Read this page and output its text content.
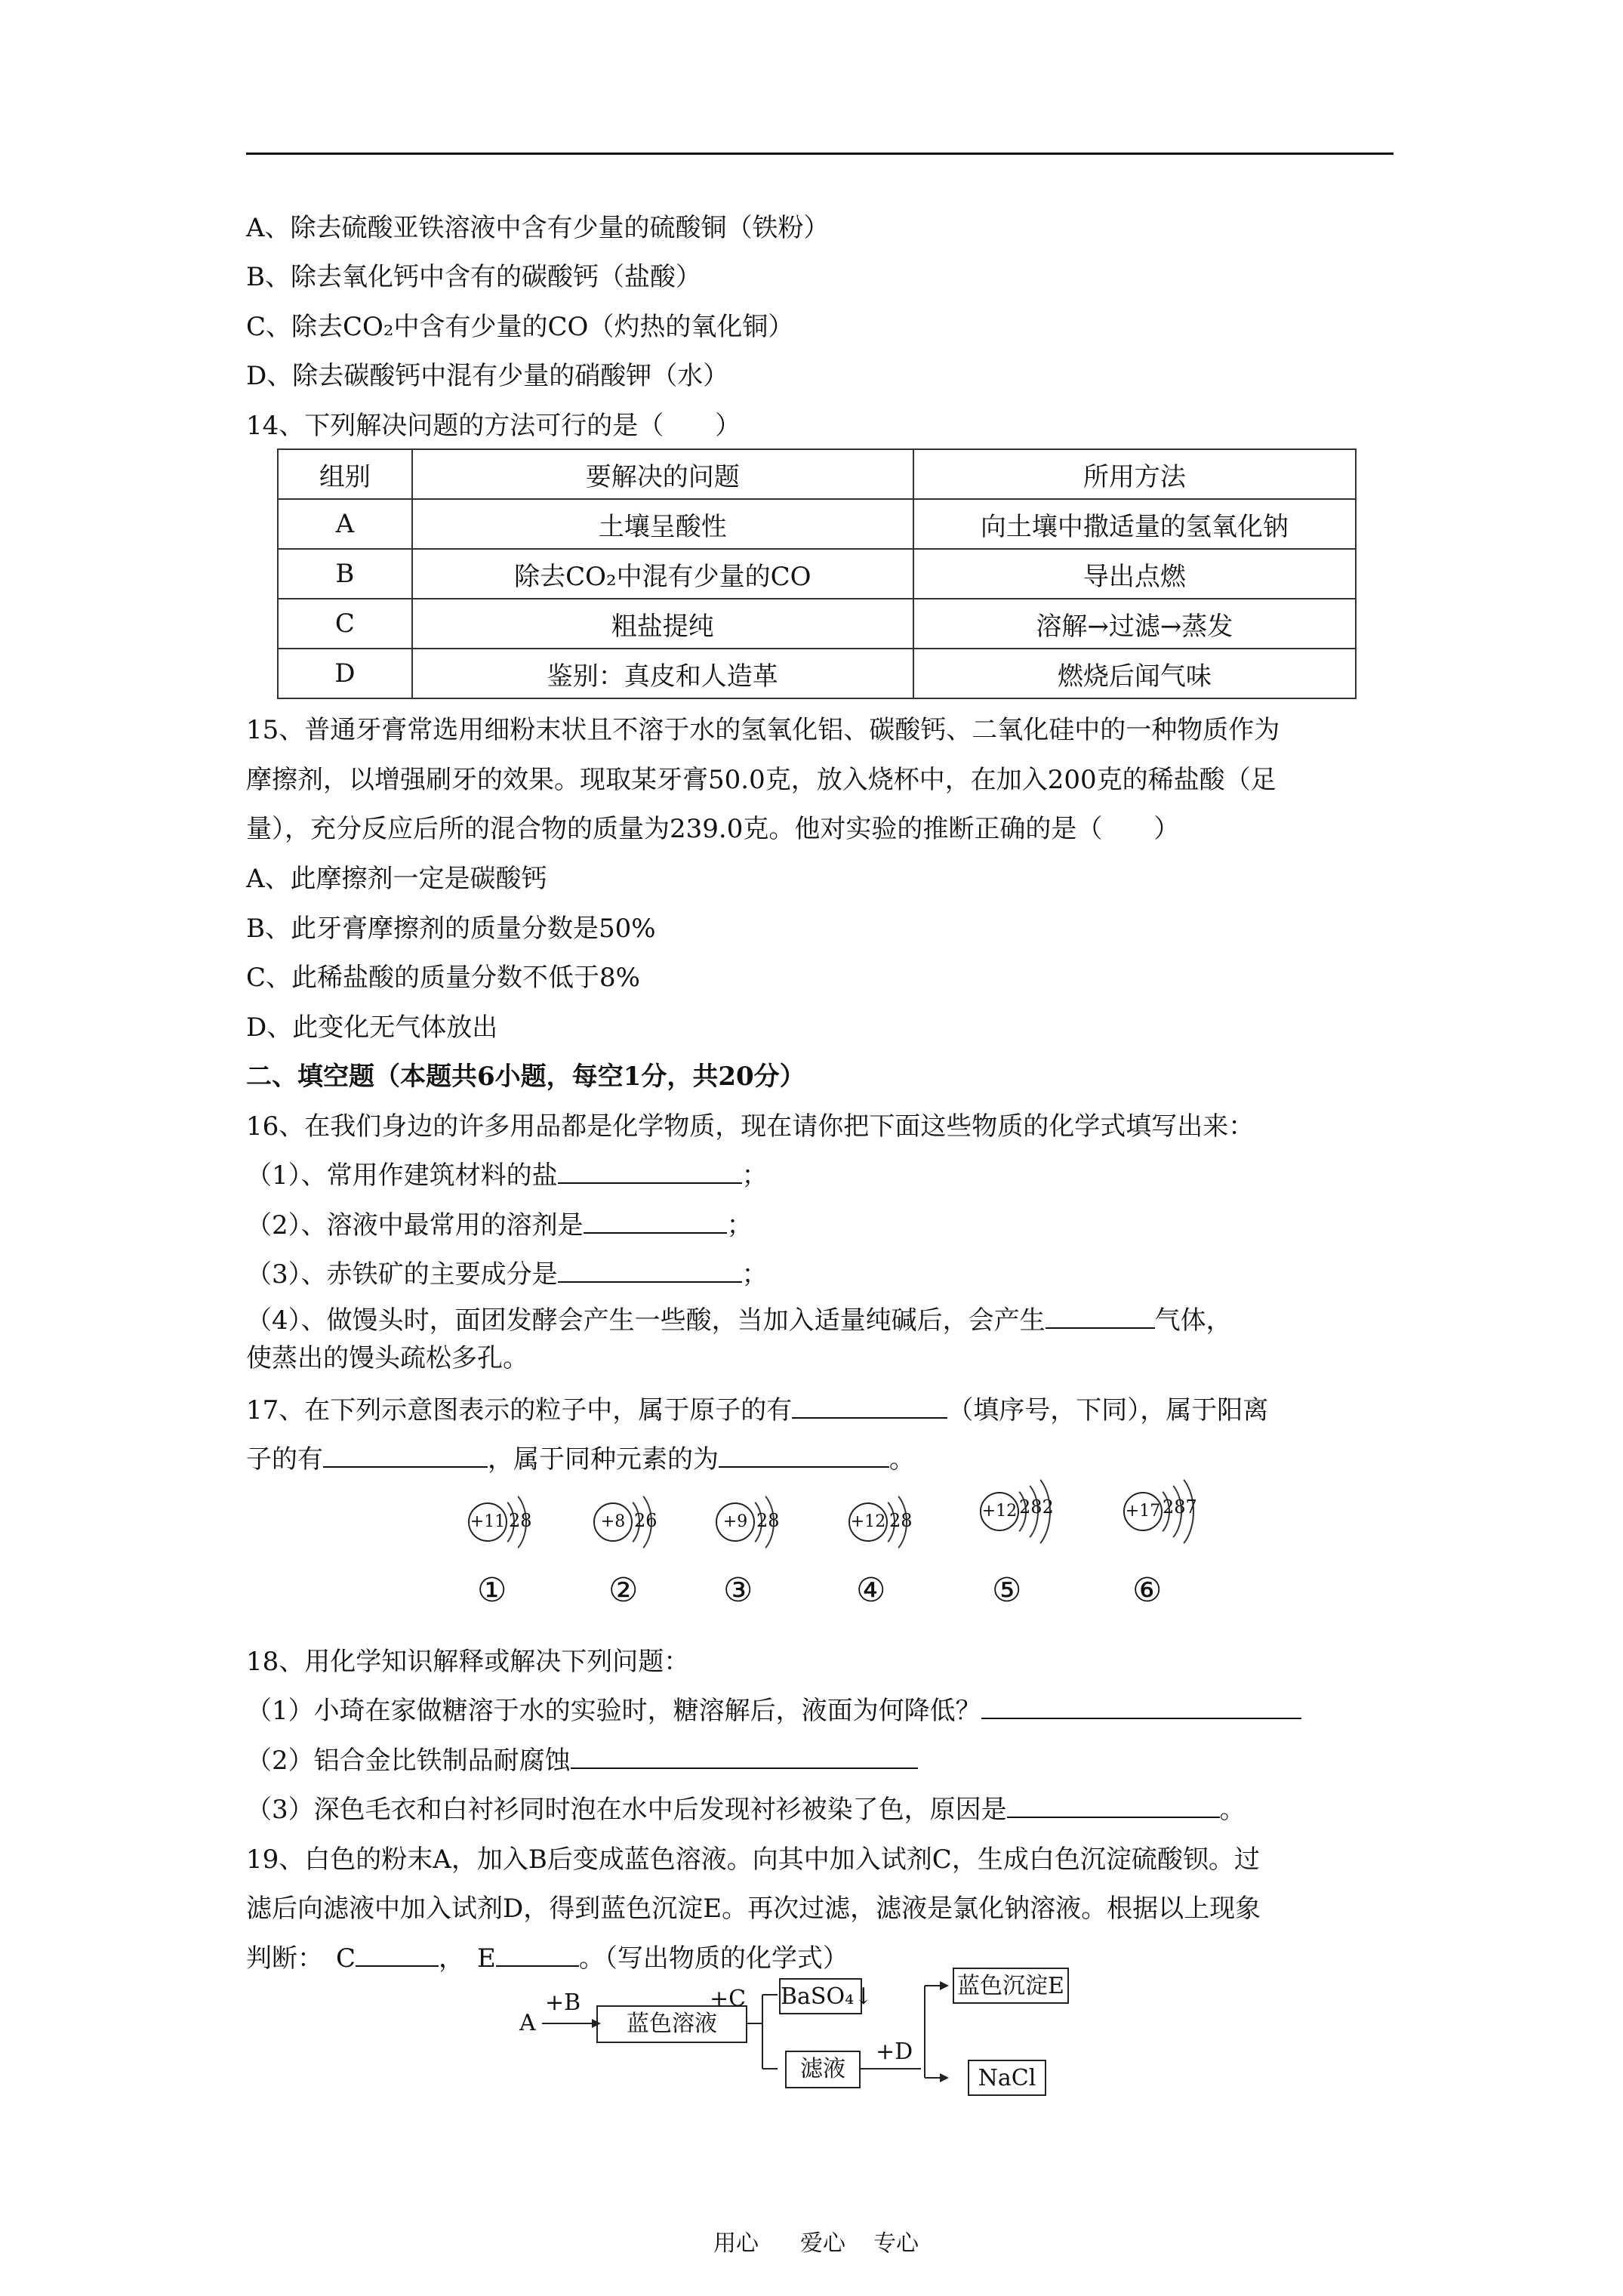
A、除去硫酸亚铁溶液中含有少量的硫酸铜（铁粉）
B、除去氧化钙中含有的碳酸钙（盐酸）
C、除去CO₂中含有少量的CO（灼热的氧化铜）
D、除去碳酸钙中混有少量的硝酸钾（水）
14、下列解决问题的方法可行的是（　　）
组别	要解决的问题	所用方法
A	土壤呈酸性	向土壤中撒适量的氢氧化钠
B	除去CO₂中混有少量的CO	导出点燃
C	粗盐提纯	溶解→过滤→蒸发
D	鉴别：真皮和人造革	燃烧后闻气味
15、普通牙膏常选用细粉末状且不溶于水的氢氧化铝、碳酸钙、二氧化硅中的一种物质作为
摩擦剂，以增强刷牙的效果。现取某牙膏50.0克，放入烧杯中，在加入200克的稀盐酸（足
量），充分反应后所的混合物的质量为239.0克。他对实验的推断正确的是（　　）
A、此摩擦剂一定是碳酸钙
B、此牙膏摩擦剂的质量分数是50%
C、此稀盐酸的质量分数不低于8%
D、此变化无气体放出
二、填空题（本题共6小题，每空1分，共20分）
16、在我们身边的许多用品都是化学物质，现在请你把下面这些物质的化学式填写出来：
（1）、常用作建筑材料的盐	；
（2）、溶液中最常用的溶剂是	；
（3）、赤铁矿的主要成分是	；
（4）、做馒头时，面团发酵会产生一些酸，当加入适量纯碱后，会产生	气体，
使蒸出的馒头疏松多孔。
17、在下列示意图表示的粒子中，属于原子的有	（填序号，下同），属于阳离
子的有	，属于同种元素的为	。
+11 28
①
+8 26
②
+9 28
③
+12 28
④
+12 282
⑤
+17 287
⑥
18、用化学知识解释或解决下列问题：
（1）小琦在家做糖溶于水的实验时，糖溶解后，液面为何降低？
（2）铝合金比铁制品耐腐蚀
（3）深色毛衣和白衬衫同时泡在水中后发现衬衫被染了色，原因是	。
19、白色的粉末A，加入B后变成蓝色溶液。向其中加入试剂C，生成白色沉淀硫酸钡。过
滤后向滤液中加入试剂D，得到蓝色沉淀E。再次过滤，滤液是氯化钠溶液。根据以上现象
判断：　C	，　E	。（写出物质的化学式）
A
+B
蓝色溶液
+C BaSO₄↓
滤液
+D
蓝色沉淀E
NaCl
用心 爱心 专心
